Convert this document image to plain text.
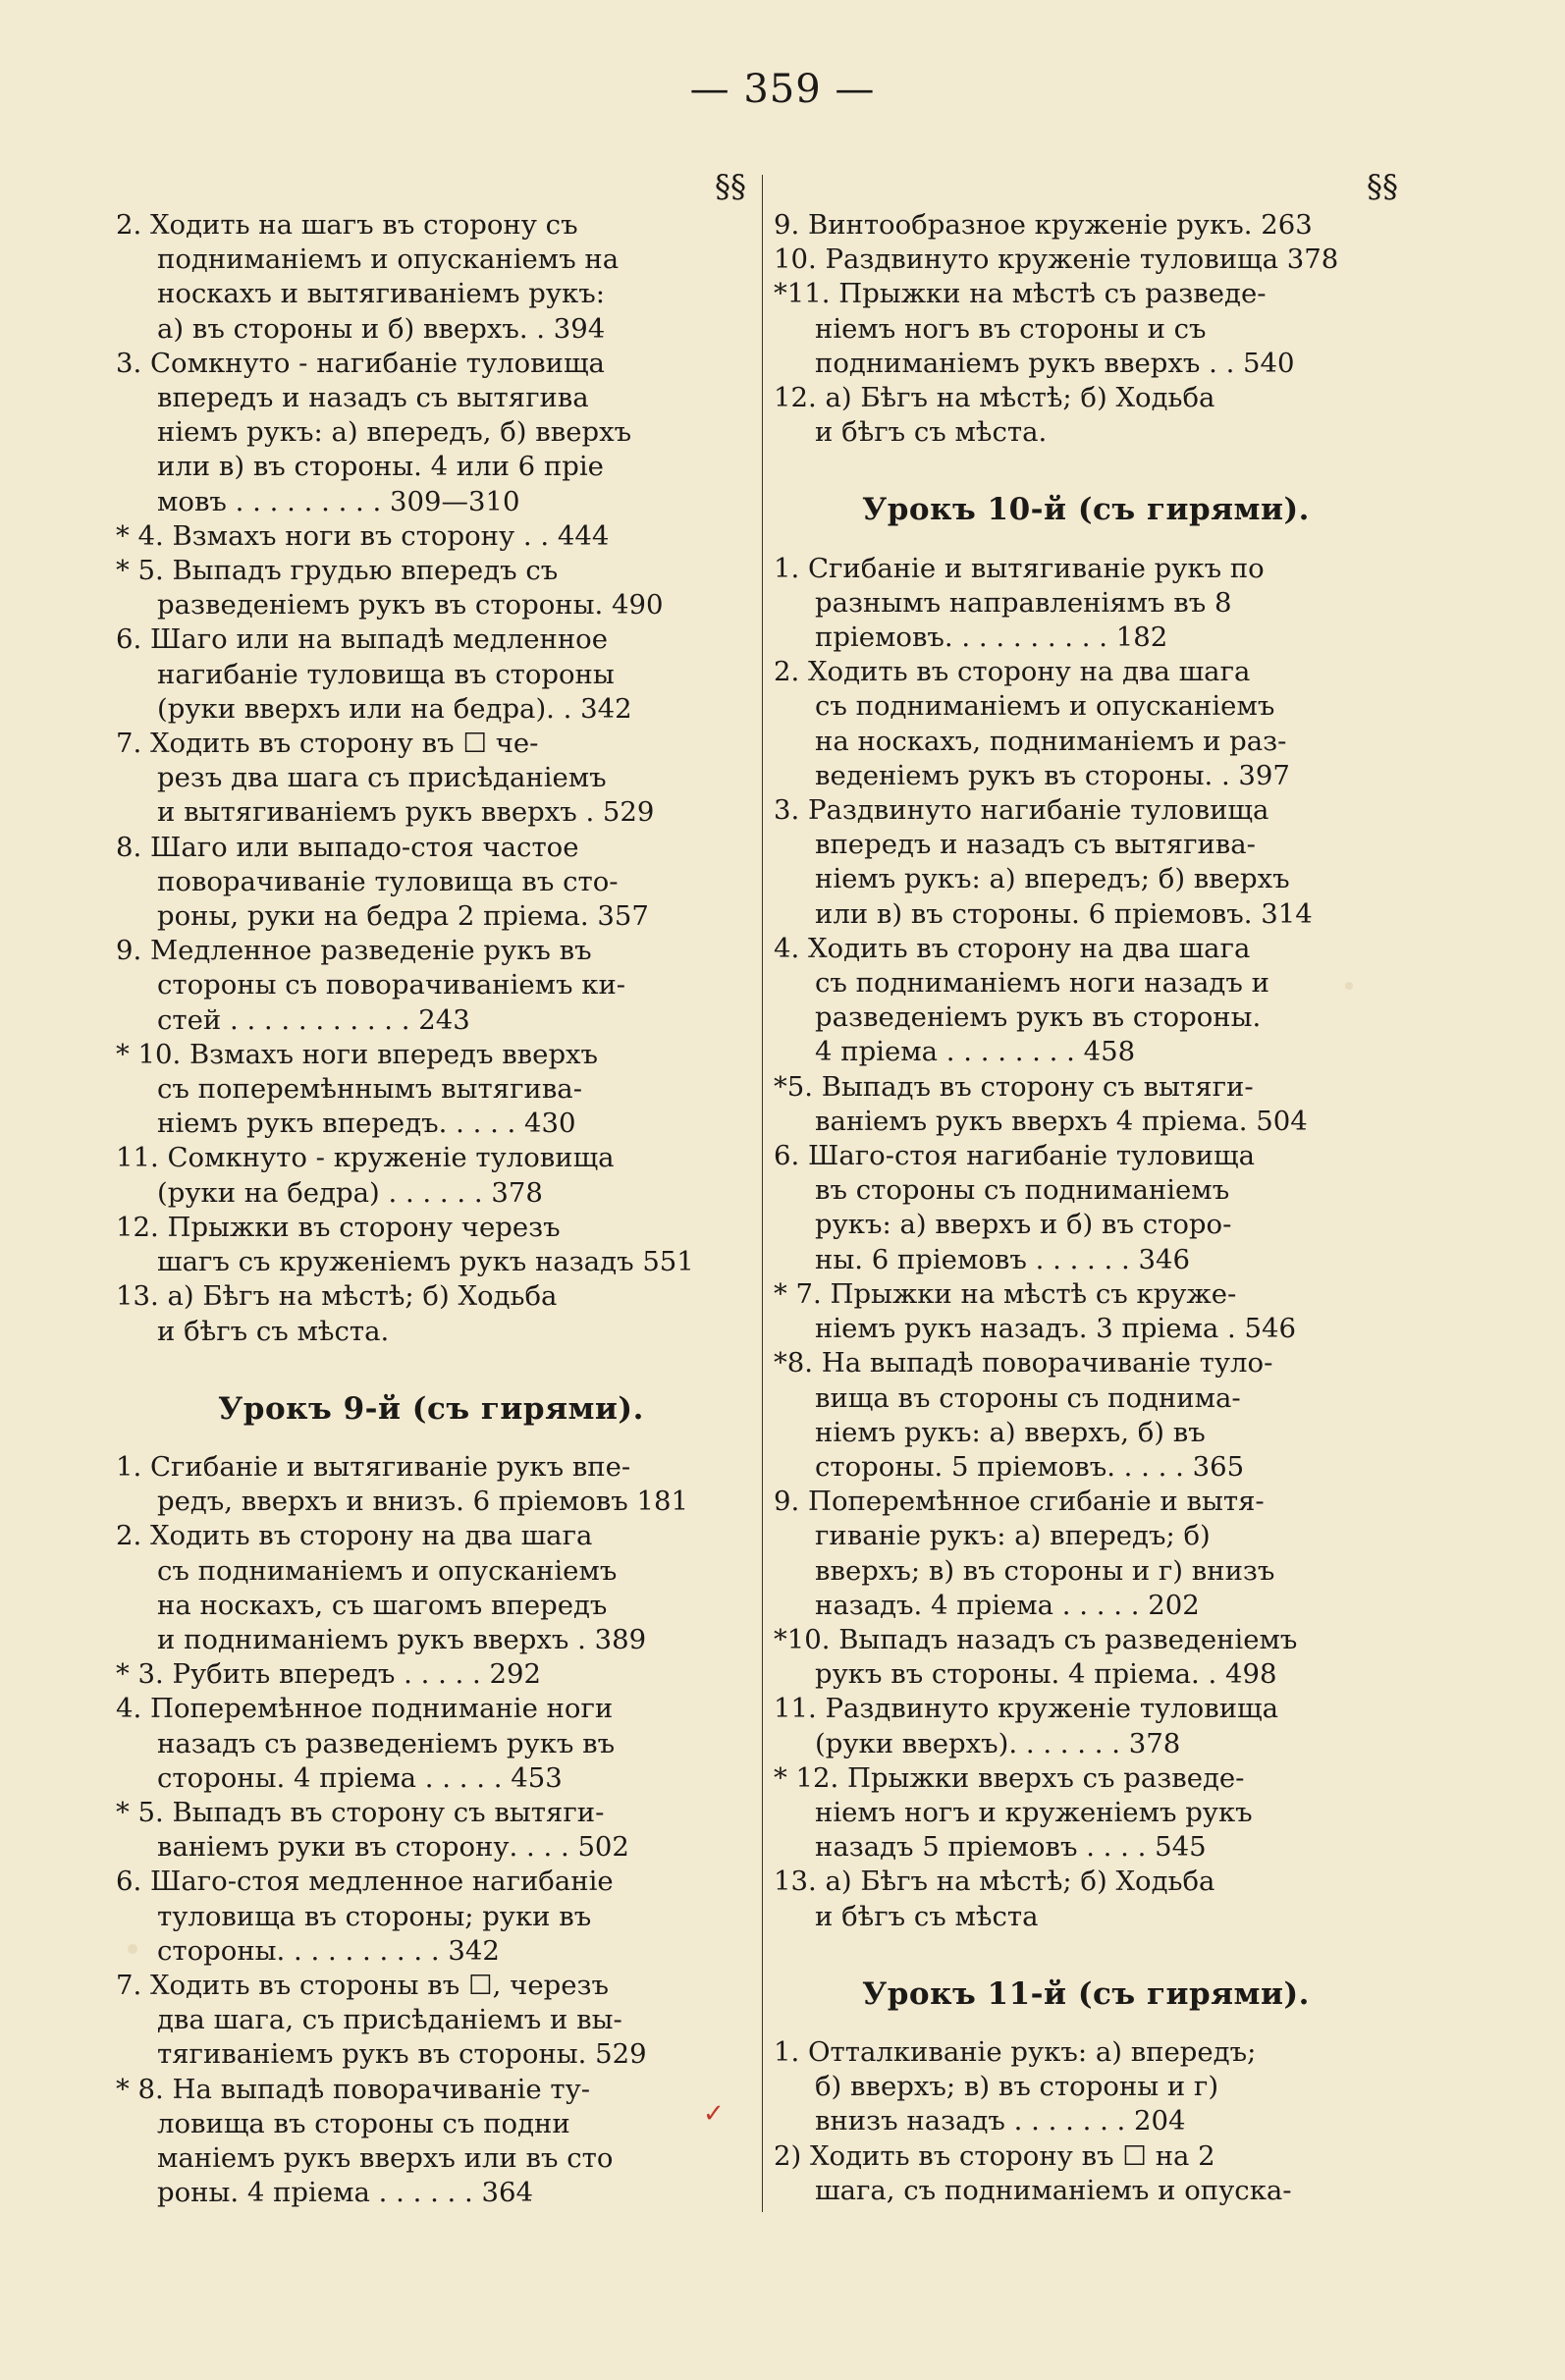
— 359 —
§§
2. Ходить на шагъ въ сторону съ
подниманіемъ и опусканіемъ на
носкахъ и вытягиваніемъ рукъ:
а) въ стороны и б) вверхъ. . 394
3. Сомкнуто - нагибаніе туловища
впередъ и назадъ съ вытягива
ніемъ рукъ: а) впередъ, б) вверхъ
или в) въ стороны. 4 или 6 пріе
мовъ . . . . . . . . . 309—310
* 4. Взмахъ ноги въ сторону . . 444
* 5. Выпадъ грудью впередъ съ
разведеніемъ рукъ въ стороны. 490
6. Шаго или на выпадѣ медленное
нагибаніе туловища въ стороны
(руки вверхъ или на бедра). . 342
7. Ходить въ сторону въ ☐ че-
резъ два шага съ присѣданіемъ
и вытягиваніемъ рукъ вверхъ . 529
8. Шаго или выпадо-стоя частое
поворачиваніе туловища въ сто-
роны, руки на бедра 2 пріема. 357
9. Медленное разведеніе рукъ въ
стороны съ поворачиваніемъ ки-
стей . . . . . . . . . . . 243
* 10. Взмахъ ноги впередъ вверхъ
съ поперемѣннымъ вытягива-
ніемъ рукъ впередъ. . . . . 430
11. Сомкнуто - круженіе туловища
(руки на бедра) . . . . . . 378
12. Прыжки въ сторону черезъ
шагъ съ круженіемъ рукъ назадъ 551
13. а) Бѣгъ на мѣстѣ; б) Ходьба
и бѣгъ съ мѣста.
Урокъ 9-й (съ гирями).
1. Сгибаніе и вытягиваніе рукъ впе-
редъ, вверхъ и внизъ. 6 пріемовъ 181
2. Ходить въ сторону на два шага
съ подниманіемъ и опусканіемъ
на носкахъ, съ шагомъ впередъ
и подниманіемъ рукъ вверхъ . 389
* 3. Рубить впередъ . . . . . 292
4. Поперемѣнное подниманіе ноги
назадъ съ разведеніемъ рукъ въ
стороны. 4 пріема . . . . . 453
* 5. Выпадъ въ сторону съ вытяги-
ваніемъ руки въ сторону. . . . 502
6. Шаго-стоя медленное нагибаніе
туловища въ стороны; руки въ
стороны. . . . . . . . . . 342
7. Ходить въ стороны въ ☐, черезъ
два шага, съ присѣданіемъ и вы-
тягиваніемъ рукъ въ стороны. 529
* 8. На выпадѣ поворачиваніе ту-
ловища въ стороны съ подни
маніемъ рукъ вверхъ или въ сто
роны. 4 пріема . . . . . . 364
§§
9. Винтообразное круженіе рукъ. 263
10. Раздвинуто круженіе туловища 378
*11. Прыжки на мѣстѣ съ разведе-
ніемъ ногъ въ стороны и съ
подниманіемъ рукъ вверхъ . . 540
12. а) Бѣгъ на мѣстѣ; б) Ходьба
и бѣгъ съ мѣста.
Урокъ 10-й (съ гирями).
1. Сгибаніе и вытягиваніе рукъ по
разнымъ направленіямъ въ 8
пріемовъ. . . . . . . . . . 182
2. Ходить въ сторону на два шага
съ подниманіемъ и опусканіемъ
на носкахъ, подниманіемъ и раз-
веденіемъ рукъ въ стороны. . 397
3. Раздвинуто нагибаніе туловища
впередъ и назадъ съ вытягива-
ніемъ рукъ: а) впередъ; б) вверхъ
или в) въ стороны. 6 пріемовъ. 314
4. Ходить въ сторону на два шага
съ подниманіемъ ноги назадъ и
разведеніемъ рукъ въ стороны.
4 пріема . . . . . . . . 458
*5. Выпадъ въ сторону съ вытяги-
ваніемъ рукъ вверхъ 4 пріема. 504
6. Шаго-стоя нагибаніе туловища
въ стороны съ подниманіемъ
рукъ: а) вверхъ и б) въ сторо-
ны. 6 пріемовъ . . . . . . 346
* 7. Прыжки на мѣстѣ съ круже-
ніемъ рукъ назадъ. 3 пріема . 546
*8. На выпадѣ поворачиваніе туло-
вища въ стороны съ поднима-
ніемъ рукъ: а) вверхъ, б) въ
стороны. 5 пріемовъ. . . . . 365
9. Поперемѣнное сгибаніе и вытя-
гиваніе рукъ: а) впередъ; б)
вверхъ; в) въ стороны и г) внизъ
назадъ. 4 пріема . . . . . 202
*10. Выпадъ назадъ съ разведеніемъ
рукъ въ стороны. 4 пріема. . 498
11. Раздвинуто круженіе туловища
(руки вверхъ). . . . . . . 378
* 12. Прыжки вверхъ съ разведе-
ніемъ ногъ и круженіемъ рукъ
назадъ 5 пріемовъ . . . . 545
13. а) Бѣгъ на мѣстѣ; б) Ходьба
и бѣгъ съ мѣста
Урокъ 11-й (съ гирями).
1. Отталкиваніе рукъ: а) впередъ;
б) вверхъ; в) въ стороны и г)
внизъ назадъ . . . . . . . 204
2) Ходить въ сторону въ ☐ на 2
шага, съ подниманіемъ и опуска-
✓
